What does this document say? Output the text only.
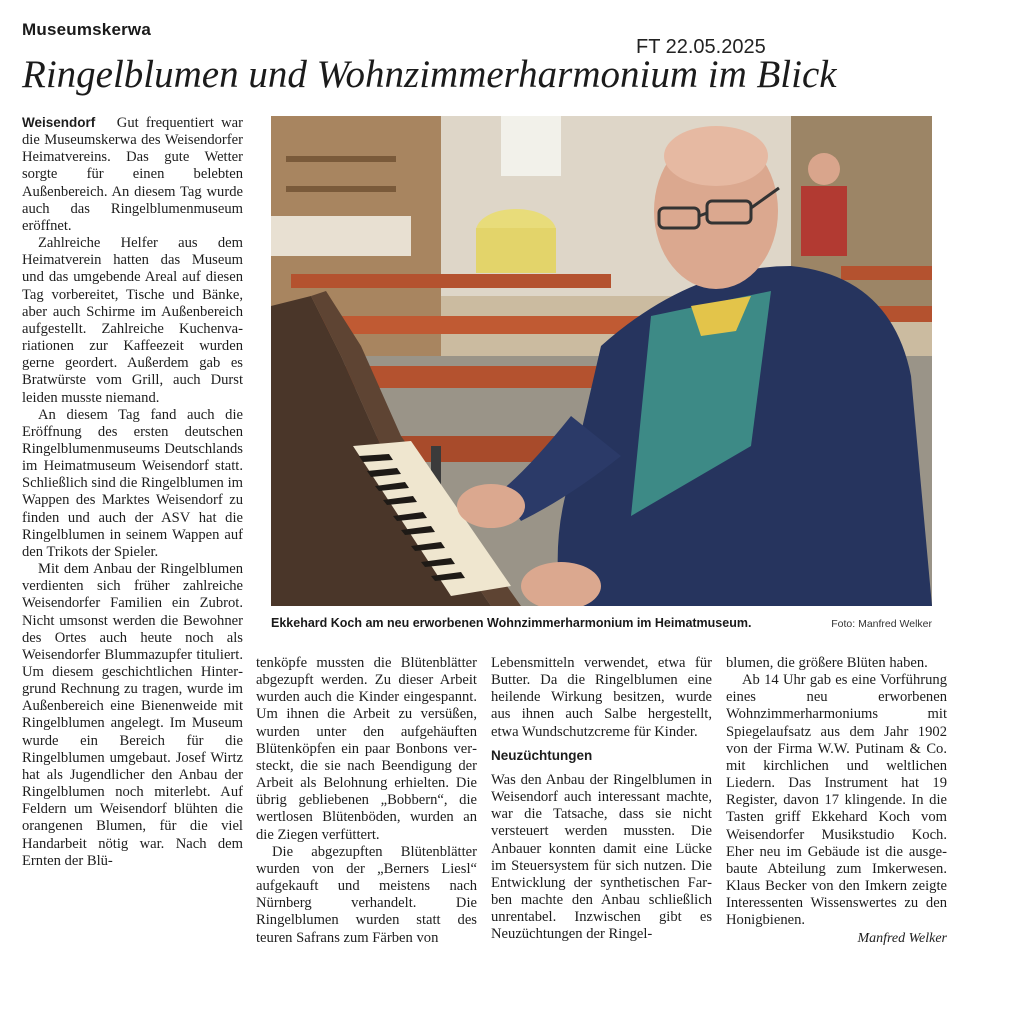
Museumskerwa
FT 22.05.2025
Ringelblumen und Wohnzimmerharmonium im Blick

Weisendorf Gut frequentiert war die Museumskerwa des Weisendorfer Heimatvereins. Das gute Wetter sorgte für einen belebten Außenbereich. An diesem Tag wurde auch das Ringelblumenmuseum eröffnet.

Zahlreiche Helfer aus dem Heimatverein hatten das Museum und das umgebende Areal auf diesen Tag vorbereitet, Tische und Bänke, aber auch Schirme im Außenbereich aufgestellt. Zahlreiche Kuchenvariationen zur Kaffeezeit wurden gerne geordert. Außerdem gab es Bratwürste vom Grill, auch Durst leiden musste niemand.

An diesem Tag fand auch die Eröffnung des ersten deutschen Ringelblumenmuseums Deutschlands im Heimatmuseum Weisendorf statt. Schließlich sind die Ringelblumen im Wappen des Marktes Weisendorf zu finden und auch der ASV hat die Ringelblumen in seinem Wappen auf den Trikots der Spieler.

Mit dem Anbau der Ringelblumen verdienten sich früher zahlreiche Weisendorfer Familien ein Zubrot. Nicht umsonst werden die Bewohner des Ortes auch heute noch als Weisendorfer Blummazupfer tituliert. Um diesem geschichtlichen Hintergrund Rechnung zu tragen, wurde im Außenbereich eine Bienenweide mit Ringelblumen angelegt. Im Museum wurde ein Bereich für die Ringelblumen umgebaut. Josef Wirtz hat als Jugendlicher den Anbau der Ringelblumen noch miterlebt. Auf Feldern um Weisendorf blühten die orangenen Blumen, für die viel Handarbeit nötig war. Nach dem Ernten der Blü-

Ekkehard Koch am neu erworbenen Wohnzimmerharmonium im Heimatmuseum.	Foto: Manfred Welker

tenköpfe mussten die Blütenblätter abgezupft werden. Zu dieser Arbeit wurden auch die Kinder eingespannt. Um ihnen die Arbeit zu versüßen, wurden unter den aufgehäuften Blütenköpfen ein paar Bonbons versteckt, die sie nach Beendigung der Arbeit als Belohnung erhielten. Die übrig gebliebenen „Bobbern“, die wertlosen Blütenböden, wurden an die Ziegen verfüttert.

Die abgezupften Blütenblätter wurden von der „Berners Liesl“ aufgekauft und meistens nach Nürnberg verhandelt. Die Ringelblumen wurden statt des teuren Safrans zum Färben von

Lebensmitteln verwendet, etwa für Butter. Da die Ringelblumen eine heilende Wirkung besitzen, wurde aus ihnen auch Salbe hergestellt, etwa Wundschutzcreme für Kinder.

Neuzüchtungen

Was den Anbau der Ringelblumen in Weisendorf auch interessant machte, war die Tatsache, dass sie nicht versteuert werden mussten. Die Anbauer konnten damit eine Lücke im Steuersystem für sich nutzen. Die Entwicklung der synthetischen Farben machte den Anbau schließlich unrentabel. Inzwischen gibt es Neuzüchtungen der Ringel-

blumen, die größere Blüten haben.

Ab 14 Uhr gab es eine Vorführung eines neu erworbenen Wohnzimmerharmoniums mit Spiegelaufsatz aus dem Jahr 1902 von der Firma W.W. Putinam & Co. mit kirchlichen und weltlichen Liedern. Das Instrument hat 19 Register, davon 17 klingende. In die Tasten griff Ekkehard Koch vom Weisendorfer Musikstudio Koch. Eher neu im Gebäude ist die ausgebaute Abteilung zum Imkerwesen. Klaus Becker von den Imkern zeigte Interessenten Wissenswertes zu den Honigbienen.

Manfred Welker
